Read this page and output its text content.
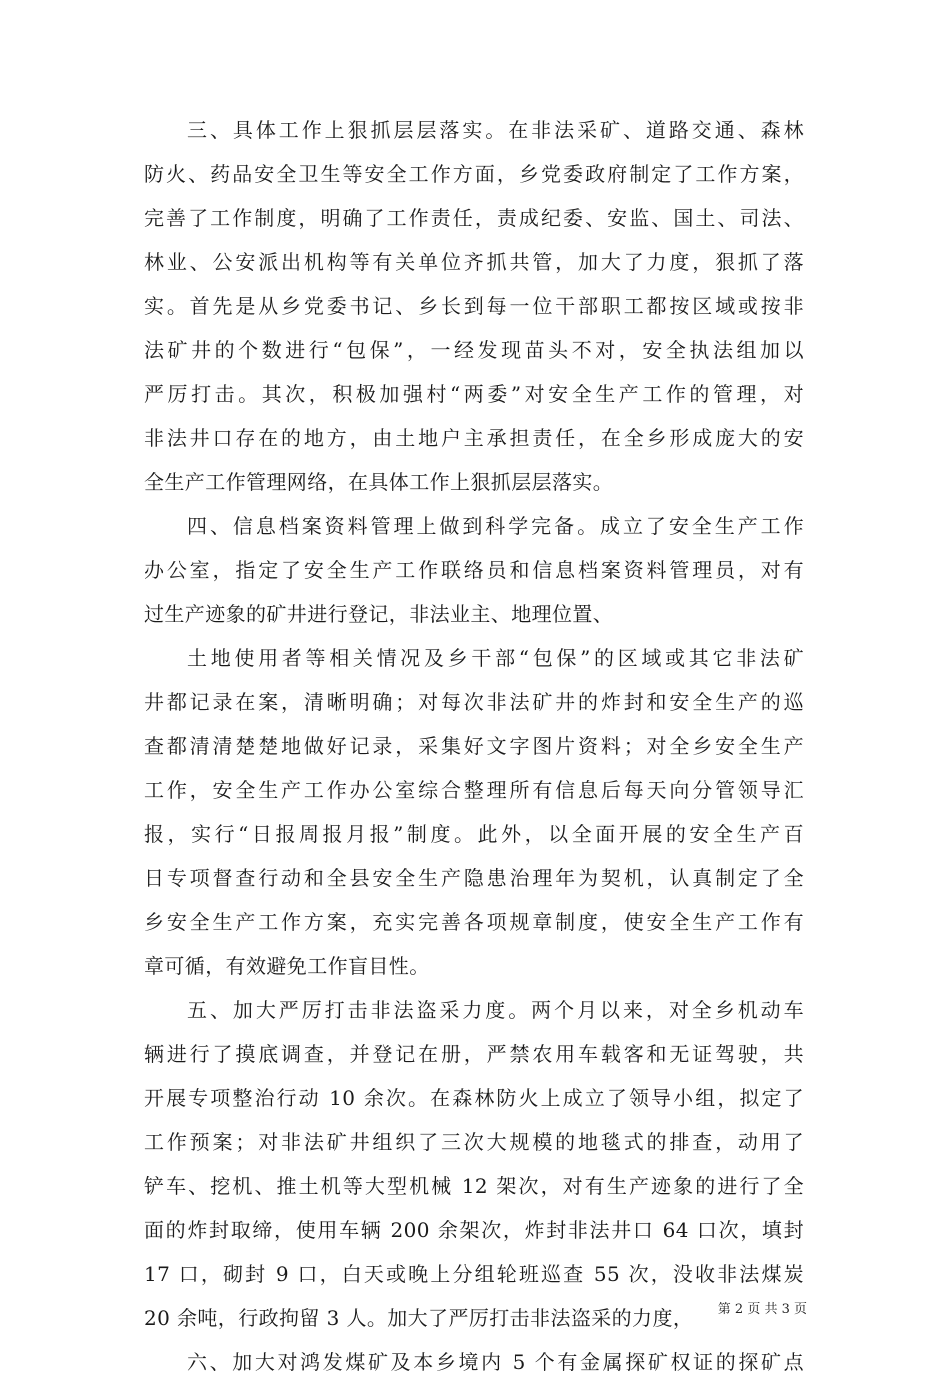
三、具体工作上狠抓层层落实。在非法采矿、道路交通、森林
防火、药品安全卫生等安全工作方面，乡党委政府制定了工作方案，
完善了工作制度，明确了工作责任，责成纪委、安监、国土、司法、
林业、公安派出机构等有关单位齐抓共管，加大了力度，狠抓了落
实。首先是从乡党委书记、乡长到每一位干部职工都按区域或按非
法矿井的个数进行“包保”，一经发现苗头不对，安全执法组加以
严厉打击。其次，积极加强村“两委”对安全生产工作的管理，对
非法井口存在的地方，由土地户主承担责任，在全乡形成庞大的安
全生产工作管理网络，在具体工作上狠抓层层落实。
四、信息档案资料管理上做到科学完备。成立了安全生产工作
办公室，指定了安全生产工作联络员和信息档案资料管理员，对有
过生产迹象的矿井进行登记，非法业主、地理位置、
土地使用者等相关情况及乡干部“包保”的区域或其它非法矿
井都记录在案，清晰明确；对每次非法矿井的炸封和安全生产的巡
查都清清楚楚地做好记录，采集好文字图片资料；对全乡安全生产
工作，安全生产工作办公室综合整理所有信息后每天向分管领导汇
报，实行“日报周报月报”制度。此外，以全面开展的安全生产百
日专项督查行动和全县安全生产隐患治理年为契机，认真制定了全
乡安全生产工作方案，充实完善各项规章制度，使安全生产工作有
章可循，有效避免工作盲目性。
五、加大严厉打击非法盗采力度。两个月以来，对全乡机动车
辆进行了摸底调查，并登记在册，严禁农用车载客和无证驾驶，共
开展专项整治行动 10 余次。在森林防火上成立了领导小组，拟定了
工作预案；对非法矿井组织了三次大规模的地毯式的排查，动用了
铲车、挖机、推土机等大型机械 12 架次，对有生产迹象的进行了全
面的炸封取缔，使用车辆 200 余架次，炸封非法井口 64 口次，填封
17 口，砌封 9 口，白天或晚上分组轮班巡查 55 次，没收非法煤炭
20 余吨，行政拘留 3 人。加大了严厉打击非法盗采的力度，
六、加大对鸿发煤矿及本乡境内 5 个有金属探矿权证的探矿点
第 2 页 共 3 页
